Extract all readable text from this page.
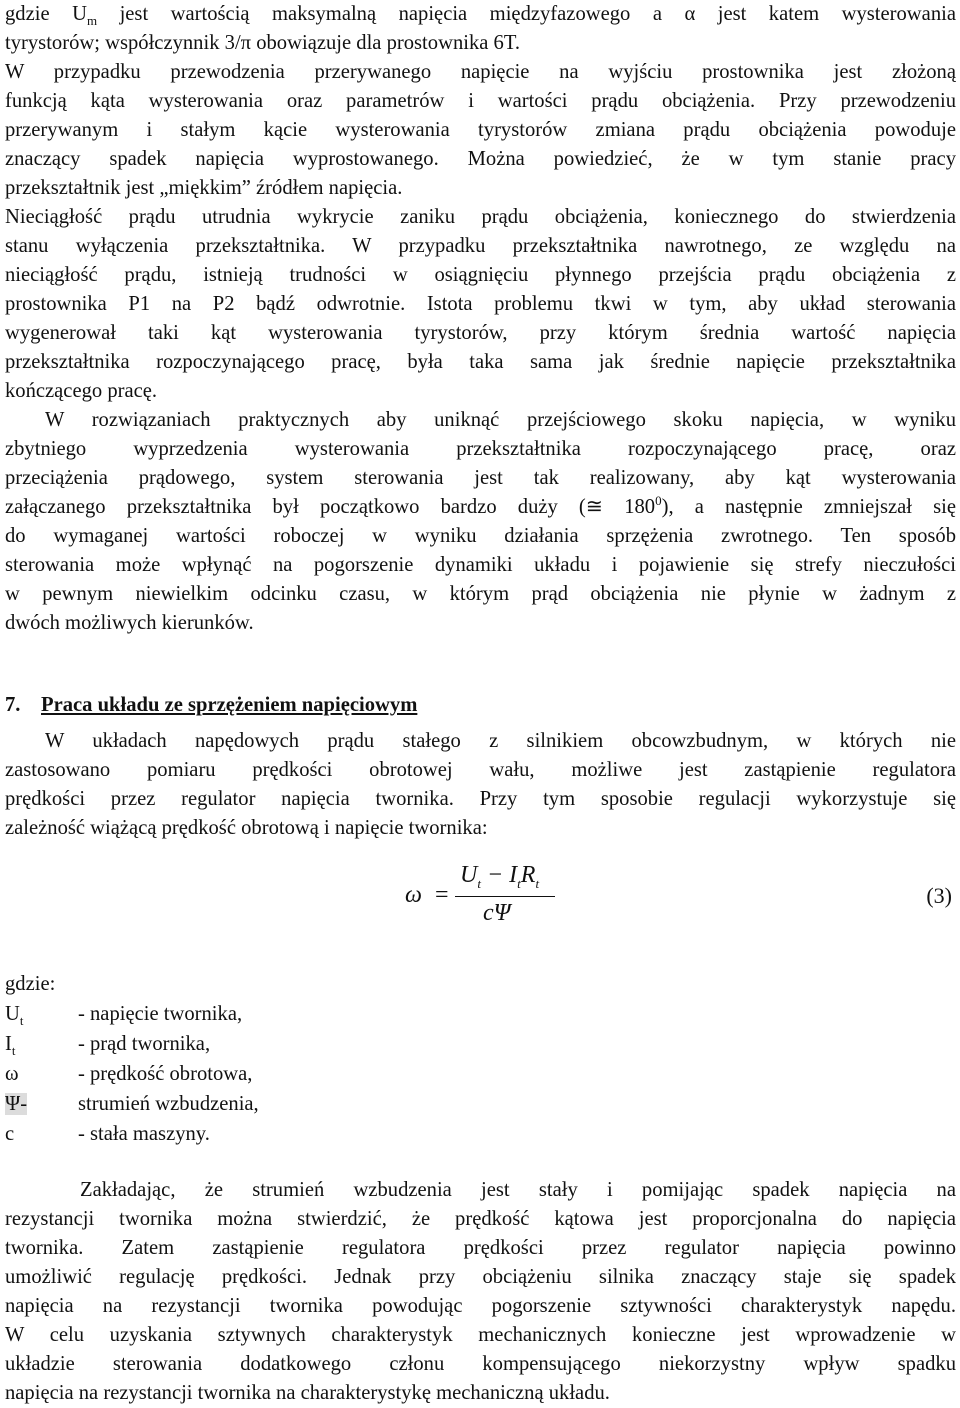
gdzie $U_m$ jest wartością maksymalną napięcia międzyfazowego a α jest katem wysterowania
tyrystorów; współczynnik 3/π obowiązuje dla prostownika 6T.
W przypadku przewodzenia przerywanego napięcie na wyjściu prostownika jest złożoną
funkcją kąta wysterowania oraz parametrów i wartości prądu obciążenia. Przy przewodzeniu
przerywanym i stałym kącie wysterowania tyrystorów zmiana prądu obciążenia powoduje
znaczący spadek napięcia wyprostowanego. Można powiedzieć, że w tym stanie pracy
przekształtnik jest „miękkim” źródłem napięcia.
Nieciągłość prądu utrudnia wykrycie zaniku prądu obciążenia, koniecznego do stwierdzenia
stanu wyłączenia przekształtnika. W przypadku przekształtnika nawrotnego, ze względu na
nieciągłość prądu, istnieją trudności w osiągnięciu płynnego przejścia prądu obciążenia z
prostownika P1 na P2 bądź odwrotnie. Istota problemu tkwi w tym, aby układ sterowania
wygenerował taki kąt wysterowania tyrystorów, przy którym średnia wartość napięcia
przekształtnika rozpoczynającego pracę, była taka sama jak średnie napięcie przekształtnika
kończącego pracę.
W rozwiązaniach praktycznych aby uniknąć przejściowego skoku napięcia, w wyniku
zbytniego wyprzedzenia wysterowania przekształtnika rozpoczynającego pracę, oraz
przeciążenia prądowego, system sterowania jest tak realizowany, aby kąt wysterowania
załączanego przekształtnika był początkowo bardzo duży (≅ $180^0$), a następnie zmniejszał się
do wymaganej wartości roboczej w wyniku działania sprzężenia zwrotnego. Ten sposób
sterowania może wpłynąć na pogorszenie dynamiki układu i pojawienie się strefy nieczułości
w pewnym niewielkim odcinku czasu, w którym prąd obciążenia nie płynie w żadnym z
dwóch możliwych kierunków.
7. Praca układu ze sprzężeniem napięciowym
W układach napędowych prądu stałego z silnikiem obcowzbudnym, w których nie
zastosowano pomiaru prędkości obrotowej wału, możliwe jest zastąpienie regulatora
prędkości przez regulator napięcia twornika. Przy tym sposobie regulacji wykorzystuje się
zależność wiążącą prędkość obrotową i napięcie twornika:
ω =
$U_t - I_tR_t$
cΨ
(3)
gdzie:
$U_t$	- napięcie twornika,
$I_t$	- prąd twornika,
ω	- prędkość obrotowa,
Ψ- strumień wzbudzenia,
c	- stała maszyny.
Zakładając, że strumień wzbudzenia jest stały i pomijając spadek napięcia na
rezystancji twornika można stwierdzić, że prędkość kątowa jest proporcjonalna do napięcia
twornika. Zatem zastąpienie regulatora prędkości przez regulator napięcia powinno
umożliwić regulację prędkości. Jednak przy obciążeniu silnika znaczący staje się spadek
napięcia na rezystancji twornika powodując pogorszenie sztywności charakterystyk napędu.
W celu uzyskania sztywnych charakterystyk mechanicznych konieczne jest wprowadzenie w
układzie sterowania dodatkowego członu kompensującego niekorzystny wpływ spadku
napięcia na rezystancji twornika na charakterystykę mechaniczną układu.
